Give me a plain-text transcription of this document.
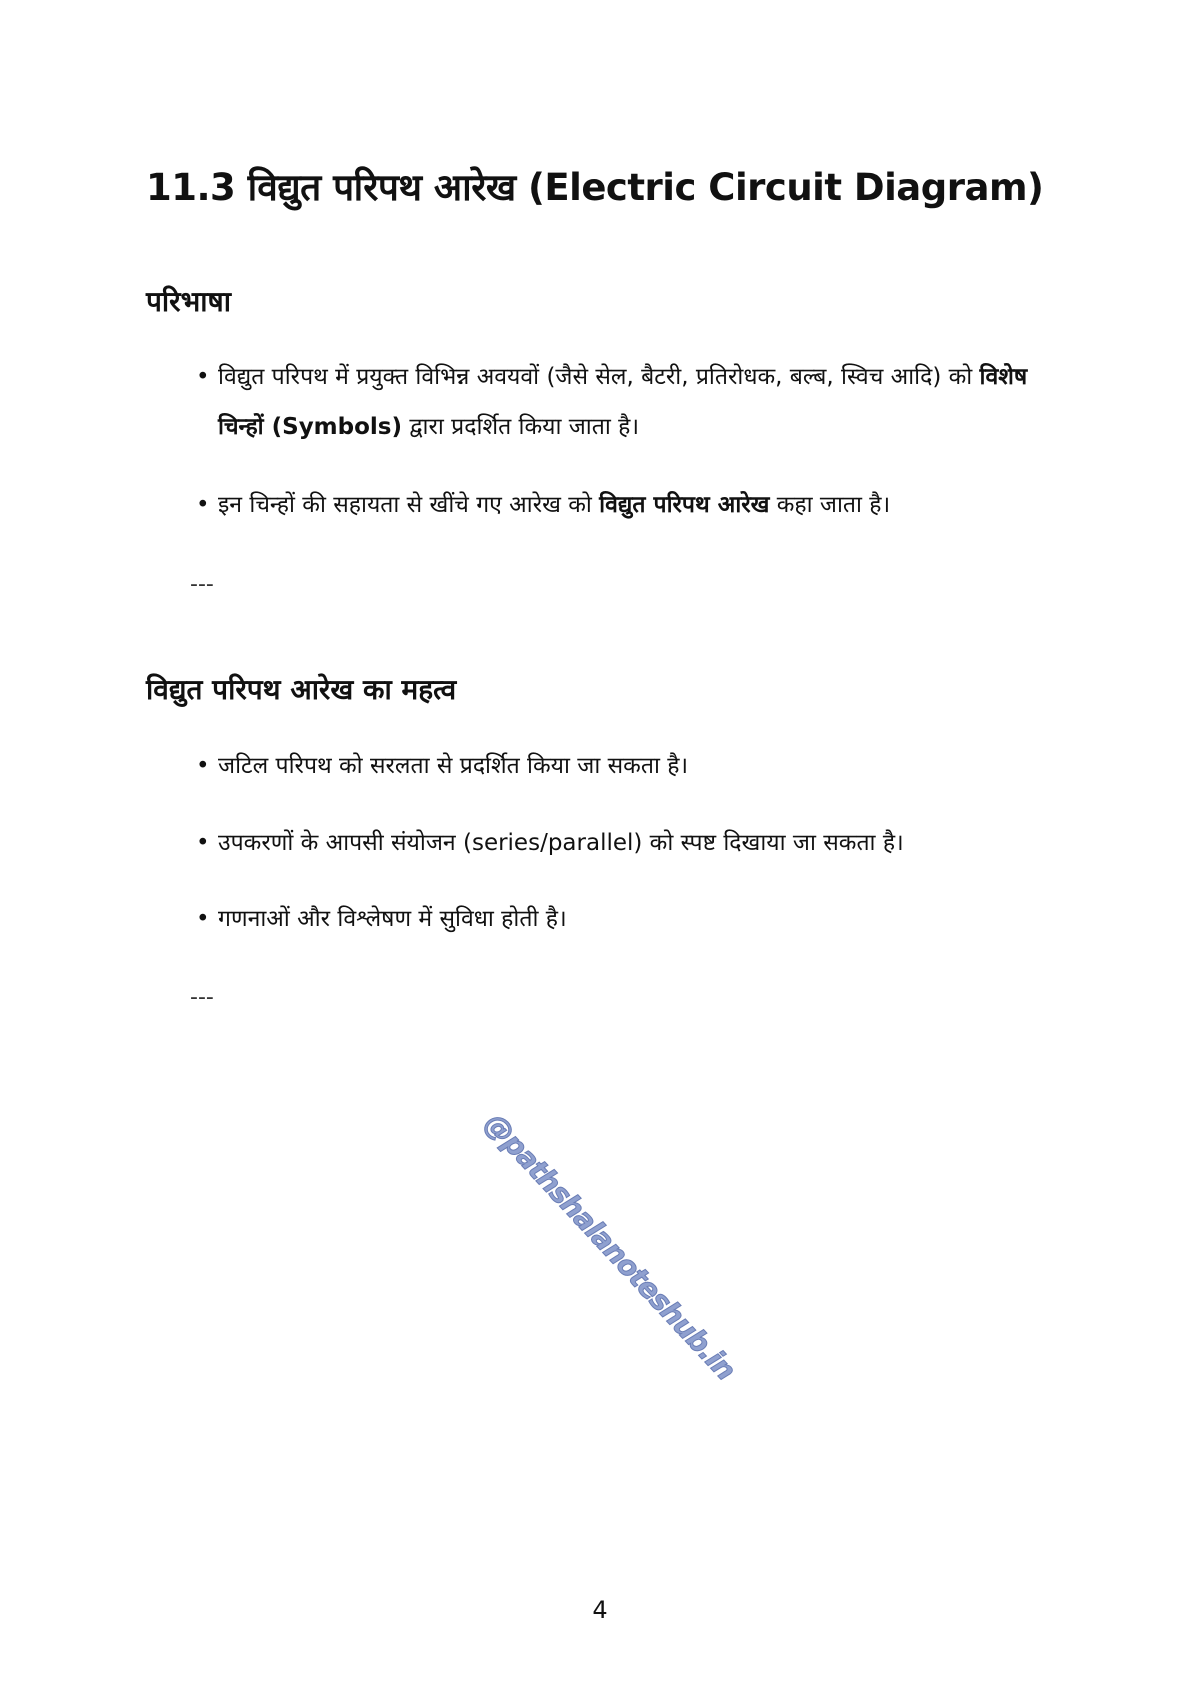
11.3 विद्युत परिपथ आरेख (Electric Circuit Diagram)
परिभाषा
• विद्युत परिपथ में प्रयुक्त विभिन्न अवयवों (जैसे सेल, बैटरी, प्रतिरोधक, बल्ब, स्विच आदि) को विशेष चिन्हों (Symbols) द्वारा प्रदर्शित किया जाता है।
• इन चिन्हों की सहायता से खींचे गए आरेख को विद्युत परिपथ आरेख कहा जाता है।
---
विद्युत परिपथ आरेख का महत्व
• जटिल परिपथ को सरलता से प्रदर्शित किया जा सकता है।
• उपकरणों के आपसी संयोजन (series/parallel) को स्पष्ट दिखाया जा सकता है।
• गणनाओं और विश्लेषण में सुविधा होती है।
---
@pathshalanoteshub.in
4
